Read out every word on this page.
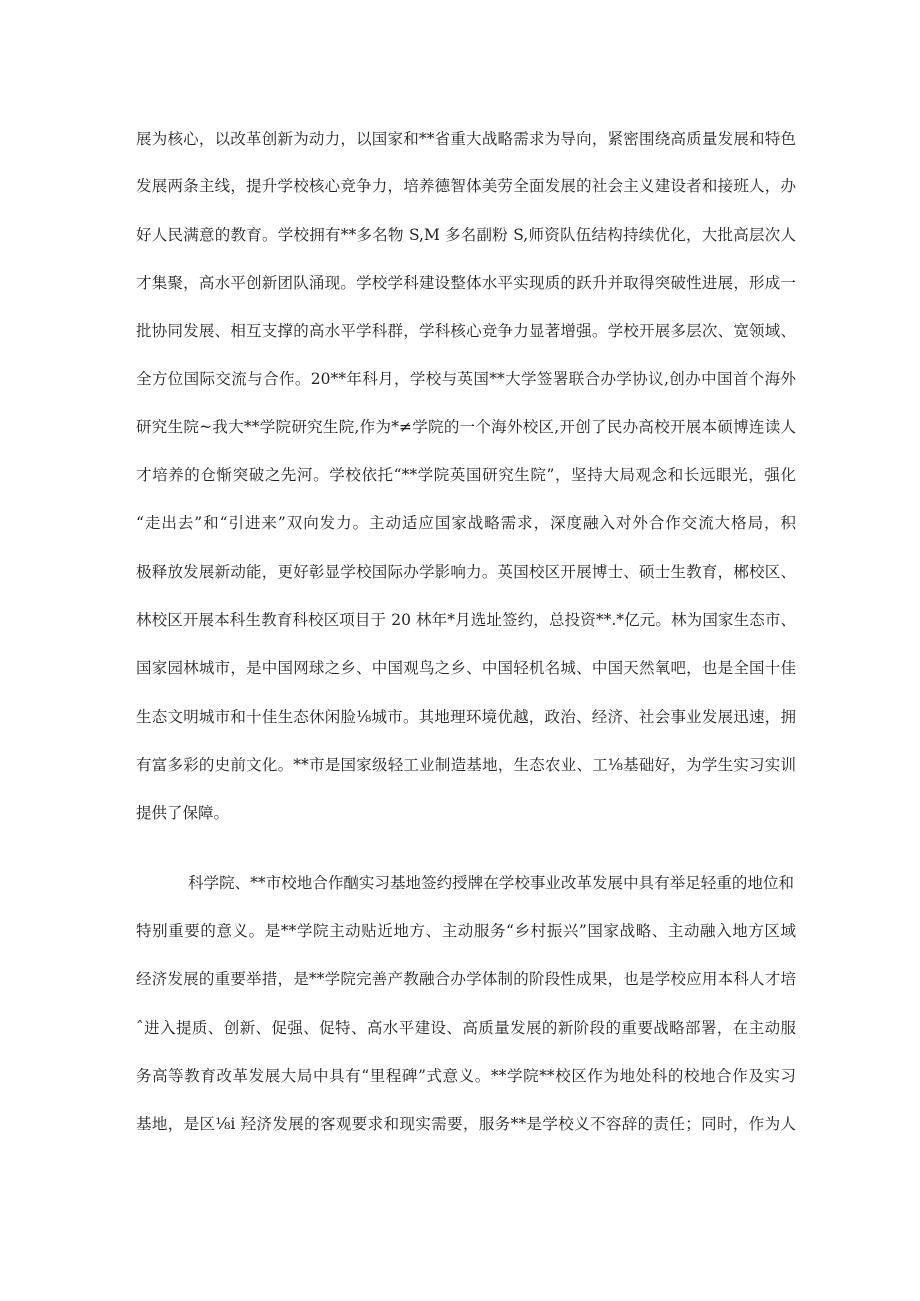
展为核心，以改革创新为动力，以国家和**省重大战略需求为导向，紧密围绕高质量发展和特色
发展两条主线，提升学校核心竞争力，培养德智体美劳全面发展的社会主义建设者和接班人，办
好人民满意的教育。学校拥有**多名物 S,M 多名副粉 S,师资队伍结构持续优化，大批高层次人
才集聚，高水平创新团队涌现。学校学科建设整体水平实现质的跃升并取得突破性进展，形成一
批协同发展、相互支撑的高水平学科群，学科核心竞争力显著增强。学校开展多层次、宽领域、
全方位国际交流与合作。20**年科月，学校与英国**大学签署联合办学协议,创办中国首个海外
研究生院~我大**学院研究生院,作为*≠学院的一个海外校区,开创了民办高校开展本硕博连读人
才培养的仓惭突破之先河。学校依托“**学院英国研究生院”，坚持大局观念和长远眼光，强化
“走出去”和“引进来”双向发力。主动适应国家战略需求，深度融入对外合作交流大格局，积
极释放发展新动能，更好彰显学校国际办学影响力。英国校区开展博士、硕士生教育，郴校区、
林校区开展本科生教育科校区项目于 20 林年*月选址签约，总投资**.*亿元。林为国家生态市、
国家园林城市，是中国网球之乡、中国观鸟之乡、中国轻机名城、中国天然氧吧，也是全国十佳
生态文明城市和十佳生态休闲脸⅛城市。其地理环境优越，政治、经济、社会事业发展迅速，拥
有富多彩的史前文化。**市是国家级轻工业制造基地，生态农业、工⅛基础好，为学生实习实训
提供了保障。
科学院、**市校地合作酗实习基地签约授牌在学校事业改革发展中具有举足轻重的地位和
特别重要的意义。是**学院主动贴近地方、主动服务“乡村振兴”国家战略、主动融入地方区域
经济发展的重要举措，是**学院完善产教融合办学体制的阶段性成果，也是学校应用本科人才培
ˆ进入提质、创新、促强、促特、高水平建设、高质量发展的新阶段的重要战略部署，在主动服
务高等教育改革发展大局中具有“里程碑”式意义。**学院**校区作为地处科的校地合作及实习
基地，是区⅛i 羟济发展的客观要求和现实需要，服务**是学校义不容辞的责任；同时，作为人
